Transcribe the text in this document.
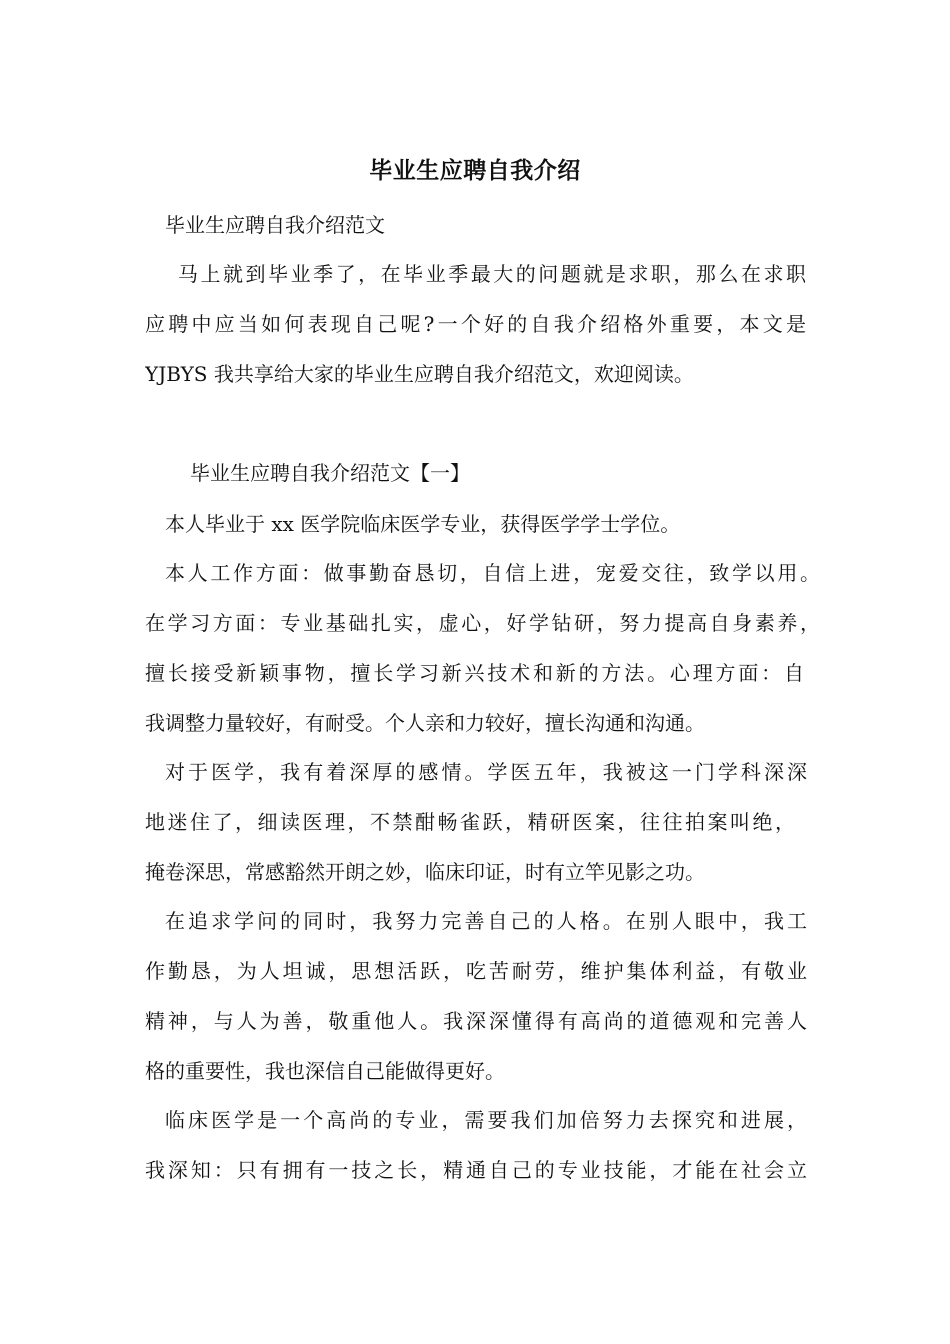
毕业生应聘自我介绍

毕业生应聘自我介绍范文

马上就到毕业季了，在毕业季最大的问题就是求职，那么在求职

应聘中应当如何表现自己呢?一个好的自我介绍格外重要，本文是

YJBYS 我共享给大家的毕业生应聘自我介绍范文，欢迎阅读。

毕业生应聘自我介绍范文【一】

本人毕业于 xx 医学院临床医学专业，获得医学学士学位。

本人工作方面：做事勤奋恳切，自信上进，宠爱交往，致学以用。

在学习方面：专业基础扎实，虚心，好学钻研，努力提高自身素养，

擅长接受新颖事物，擅长学习新兴技术和新的方法。心理方面：自

我调整力量较好，有耐受。个人亲和力较好，擅长沟通和沟通。

对于医学，我有着深厚的感情。学医五年，我被这一门学科深深

地迷住了，细读医理，不禁酣畅雀跃，精研医案，往往拍案叫绝，

掩卷深思，常感豁然开朗之妙，临床印证，时有立竿见影之功。

在追求学问的同时，我努力完善自己的人格。在别人眼中，我工

作勤恳，为人坦诚，思想活跃，吃苦耐劳，维护集体利益，有敬业

精神，与人为善，敬重他人。我深深懂得有高尚的道德观和完善人

格的重要性，我也深信自己能做得更好。

临床医学是一个高尚的专业，需要我们加倍努力去探究和进展，

我深知：只有拥有一技之长，精通自己的专业技能，才能在社会立
